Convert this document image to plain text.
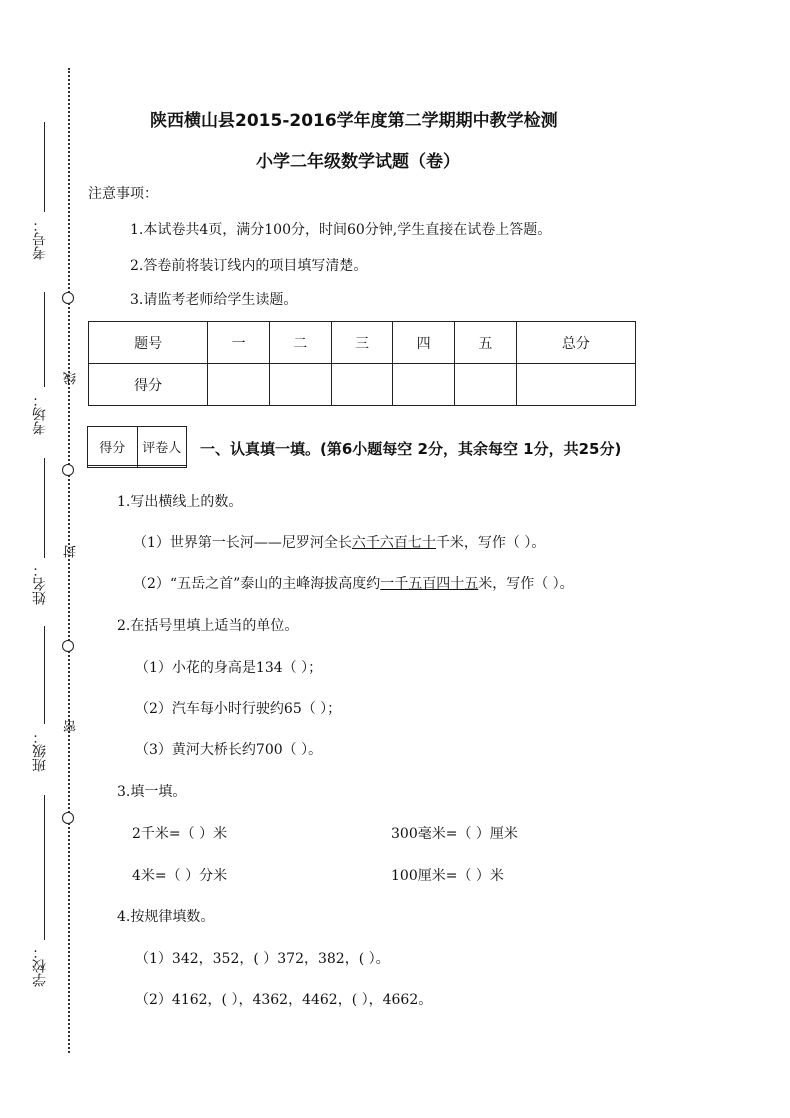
线
封
密
考号：
考场：
姓名：
班级：
学校：
陕西横山县2015-2016学年度第二学期期中教学检测
小学二年级数学试题（卷）
注意事项：
1.本试卷共4页，满分100分，时间60分钟,学生直接在试卷上答题。
2.答卷前将装订线内的项目填写清楚。
3.请监考老师给学生读题。
题号	一	二	三	四	五	总分
得分						
得分	评卷人
	一、认真填一填。(第6小题每空 2分，其余每空 1分，共25分)
1.写出横线上的数。
（1）世界第一长河——尼罗河全长六千六百七十千米，写作（ ）。
（2）“五岳之首”泰山的主峰海拔高度约一千五百四十五米，写作（ ）。
2.在括号里填上适当的单位。
（1）小花的身高是134（ ）；
（2）汽车每小时行驶约65（ ）；
（3）黄河大桥长约700（ ）。
3.填一填。
2千米=（ ）米	300毫米=（ ）厘米
4米=（ ）分米	100厘米=（ ）米
4.按规律填数。
（1）342，352，( ）372，382，( ）。
（2）4162，( ），4362，4462，( ），4662。
